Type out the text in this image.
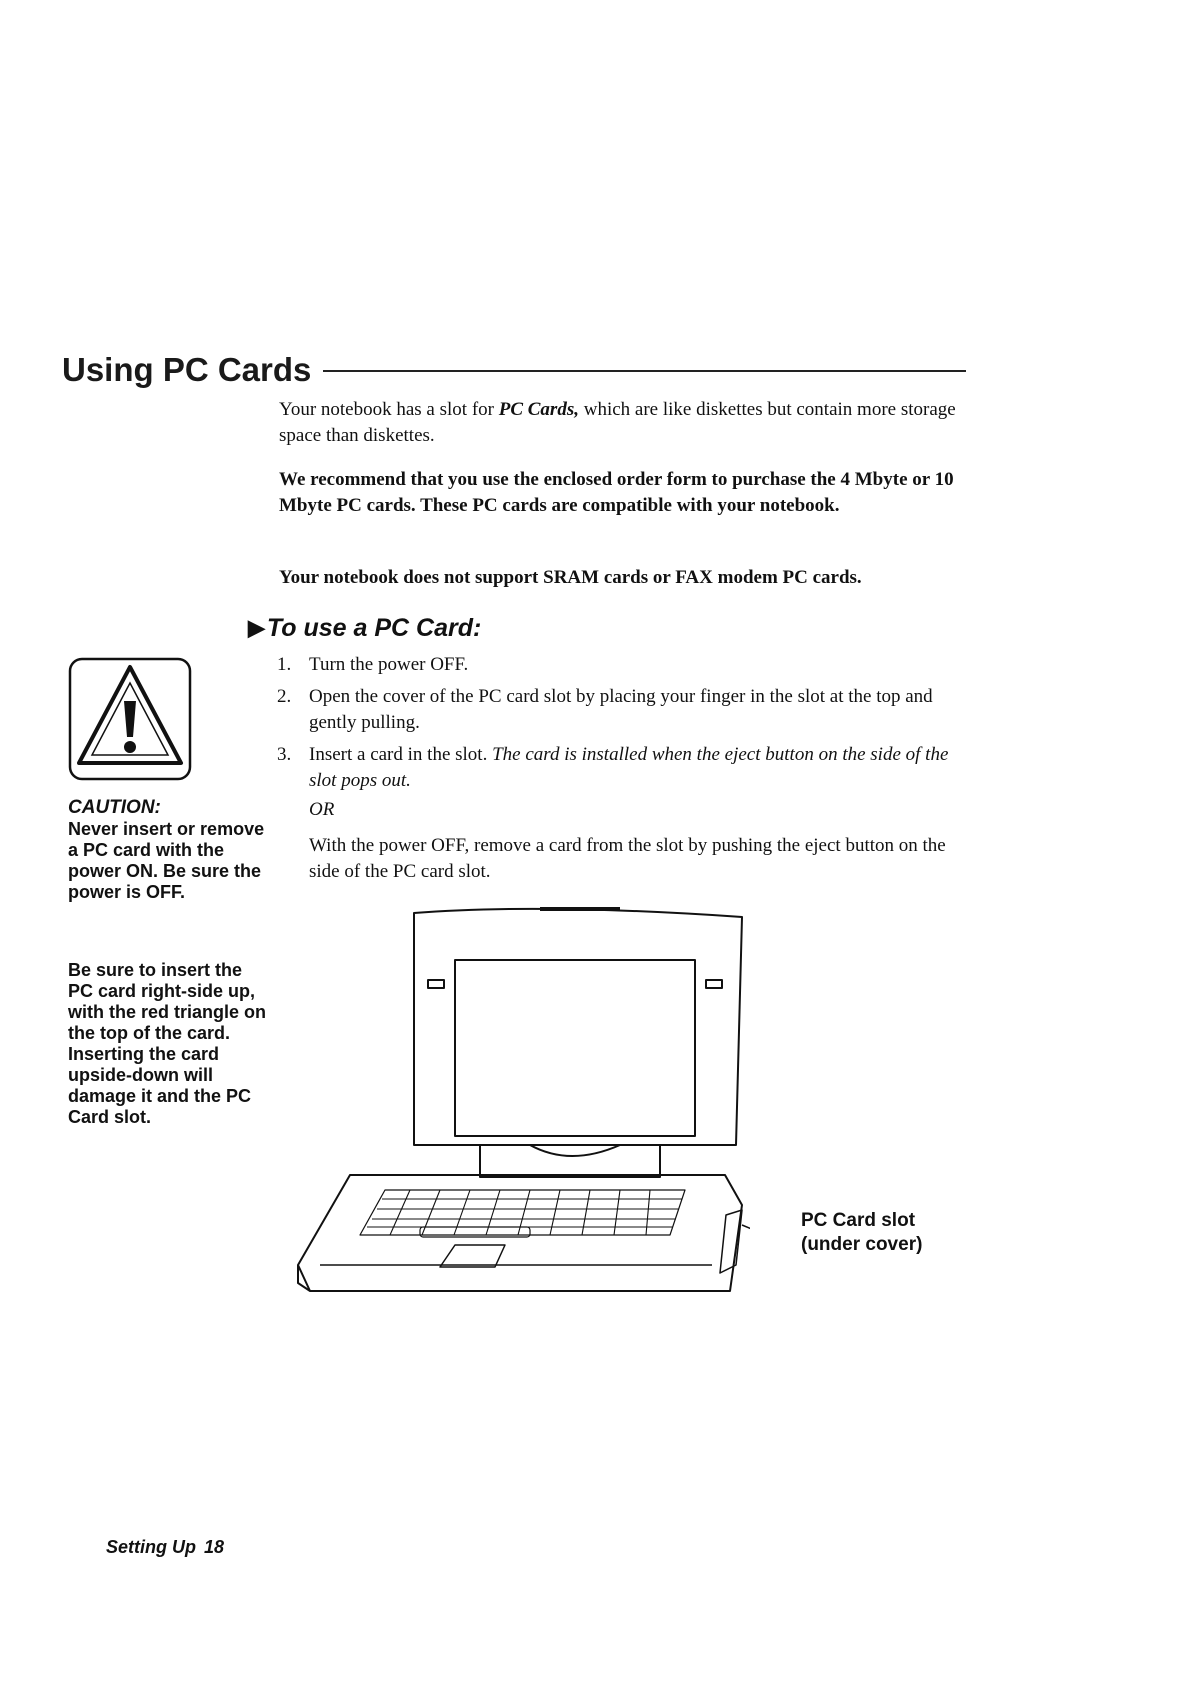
Using PC Cards

Your notebook has a slot for PC Cards, which are like diskettes but contain more storage space than diskettes.

We recommend that you use the enclosed order form to purchase the 4 Mbyte or 10 Mbyte PC cards. These PC cards are compatible with your notebook.

Your notebook does not support SRAM cards or FAX modem PC cards.

▶ To use a PC Card:
1. Turn the power OFF.
2. Open the cover of the PC card slot by placing your finger in the slot at the top and gently pulling.
3. Insert a card in the slot. The card is installed when the eject button on the side of the slot pops out.
OR
With the power OFF, remove a card from the slot by pushing the eject button on the side of the PC card slot.
CAUTION:
Never insert or remove a PC card with the power ON. Be sure the power is OFF.
Be sure to insert the PC card right-side up, with the red triangle on the top of the card. Inserting the card upside-down will damage it and the PC Card slot.
PC Card slot
(under cover)
Setting Up 18
